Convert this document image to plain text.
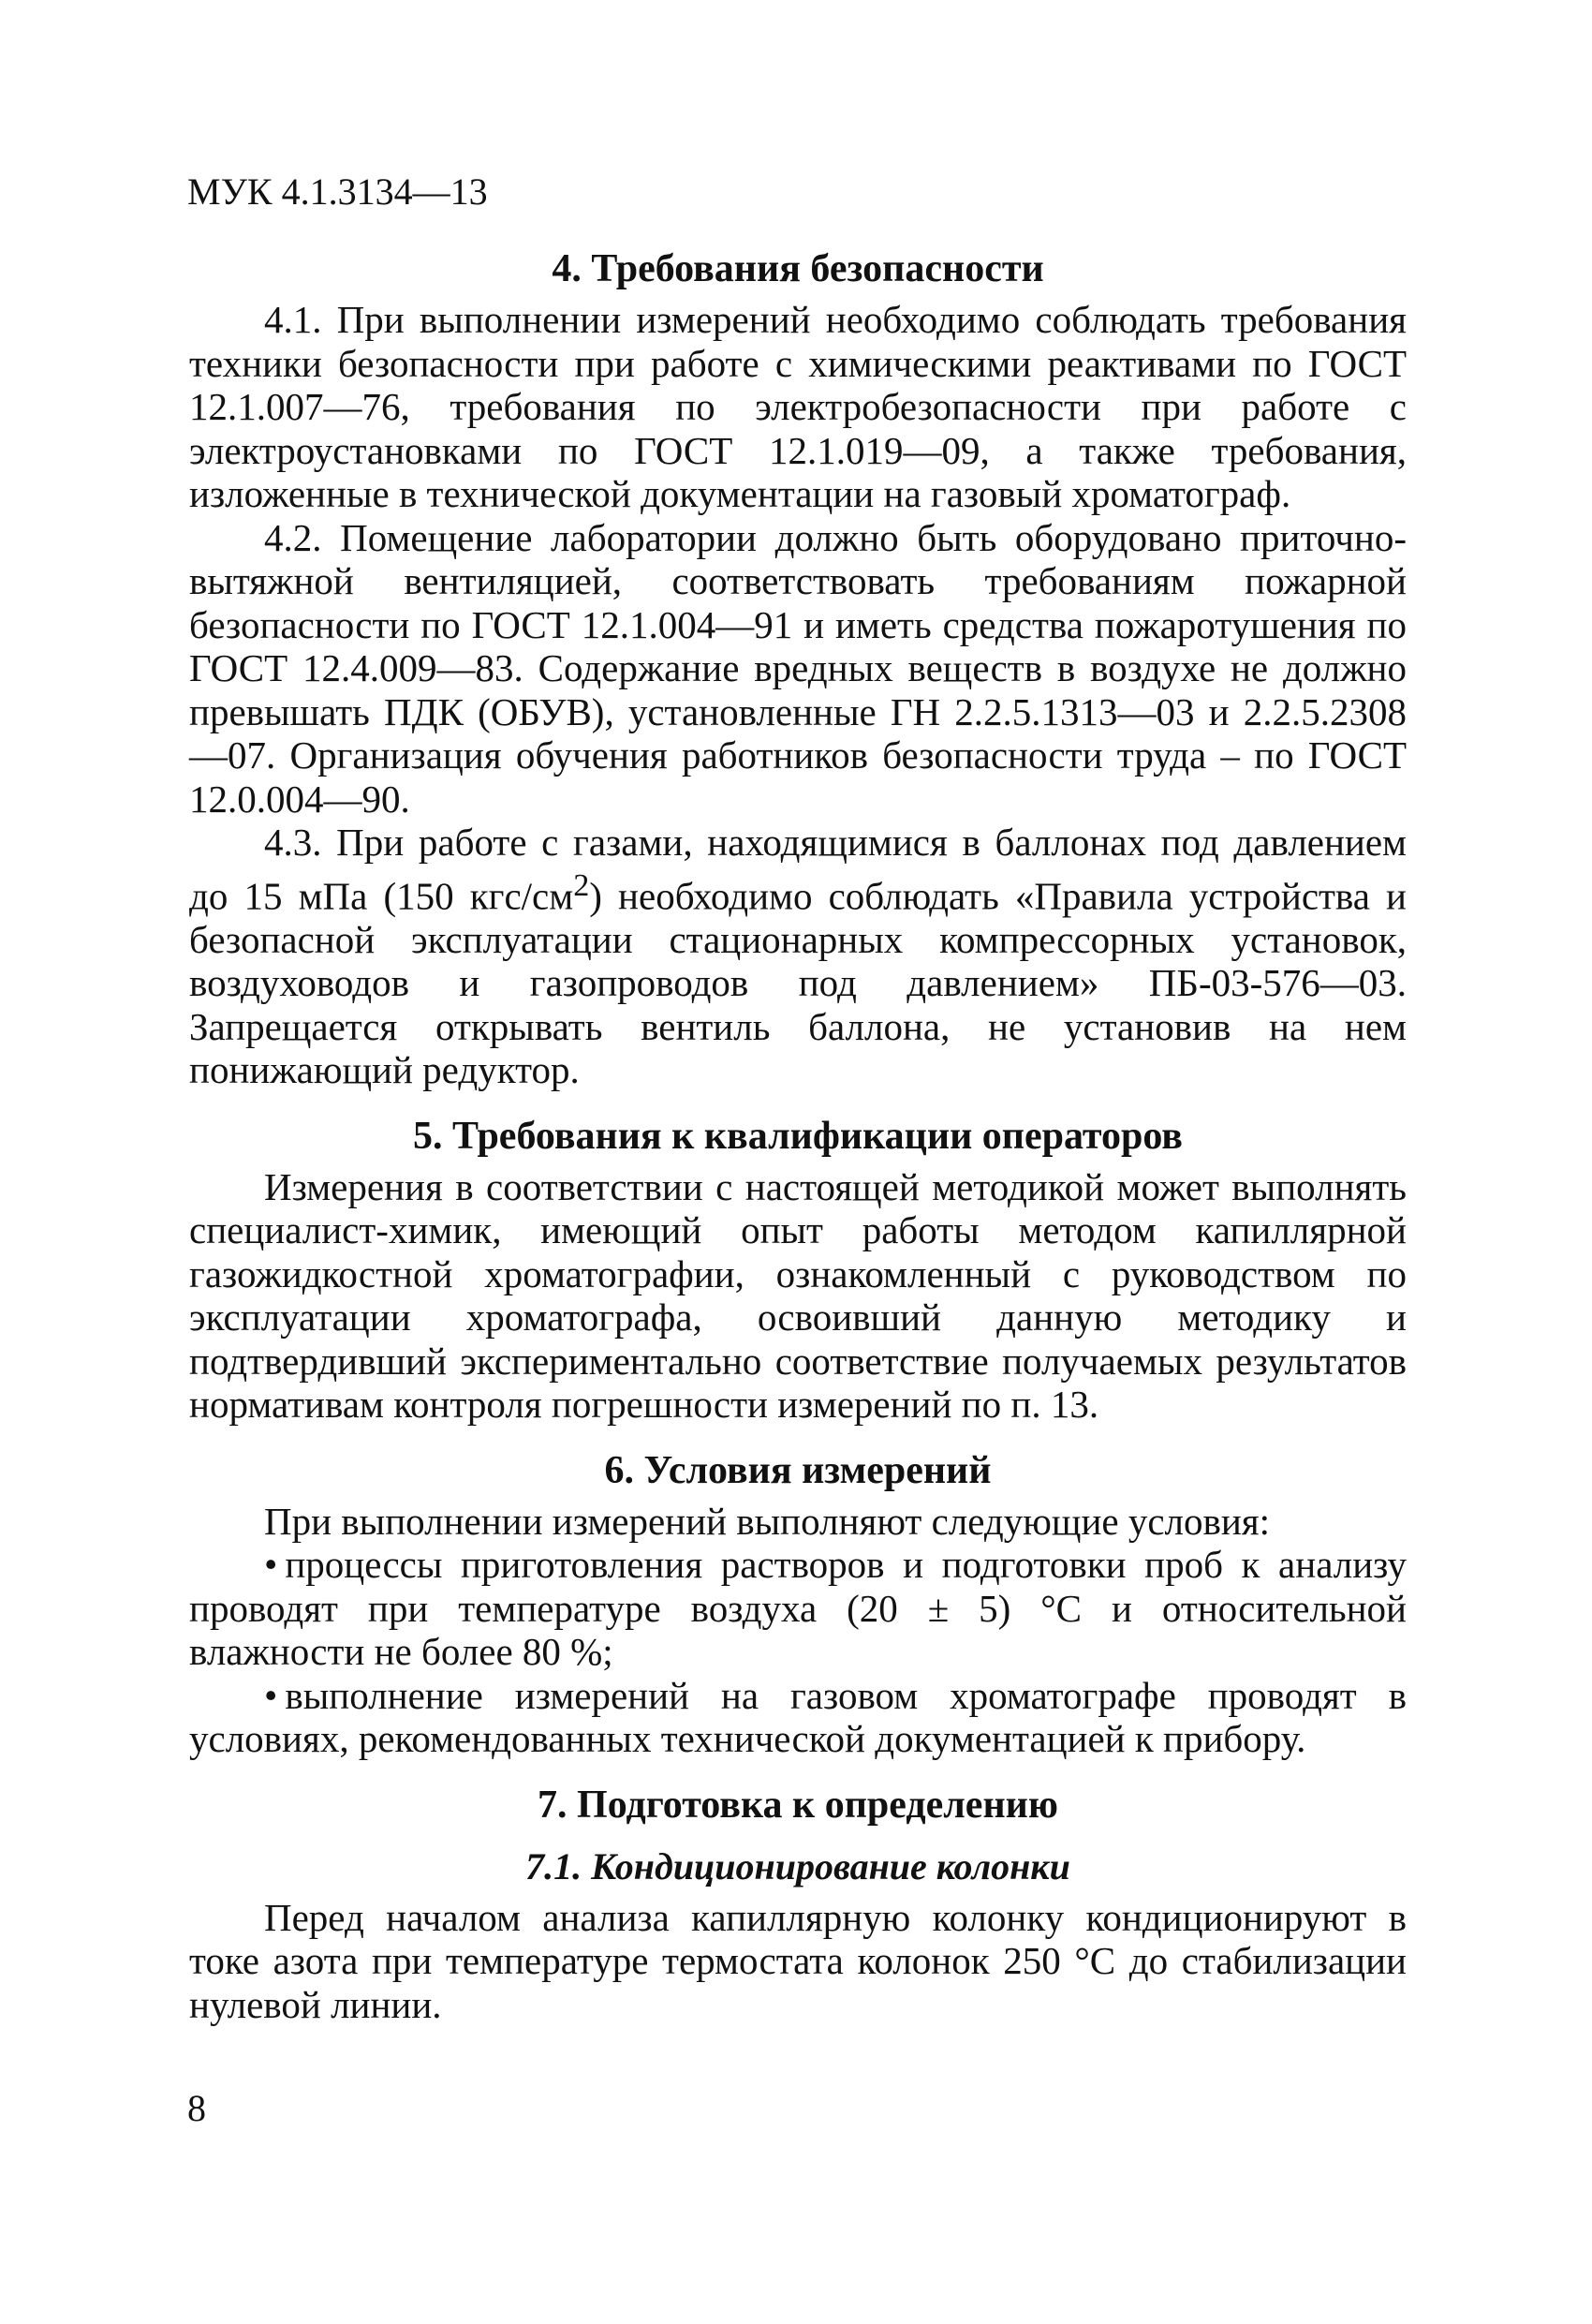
МУК 4.1.3134—13
4. Требования безопасности

4.1. При выполнении измерений необходимо соблюдать требования техники безопасности при работе с химическими реактивами по ГОСТ 12.1.007—76, требования по электробезопасности при работе с электроустановками по ГОСТ 12.1.019—09, а также требования, изложенные в технической документации на газовый хроматограф.

4.2. Помещение лаборатории должно быть оборудовано приточно-вытяжной вентиляцией, соответствовать требованиям пожарной безопасности по ГОСТ 12.1.004—91 и иметь средства пожаротушения по ГОСТ 12.4.009—83. Содержание вредных веществ в воздухе не должно превышать ПДК (ОБУВ), установленные ГН 2.2.5.1313—03 и 2.2.5.2308—07. Организация обучения работников безопасности труда – по ГОСТ 12.0.004—90.

4.3. При работе с газами, находящимися в баллонах под давлением до 15 мПа (150 кгс/$см^2$) необходимо соблюдать «Правила устройства и безопасной эксплуатации стационарных компрессорных установок, воздуховодов и газопроводов под давлением» ПБ-03-576—03. Запрещается открывать вентиль баллона, не установив на нем понижающий редуктор.

5. Требования к квалификации операторов

Измерения в соответствии с настоящей методикой может выполнять специалист-химик, имеющий опыт работы методом капиллярной газожидкостной хроматографии, ознакомленный с руководством по эксплуатации хроматографа, освоивший данную методику и подтвердивший экспериментально соответствие получаемых результатов нормативам контроля погрешности измерений по п. 13.

6. Условия измерений

При выполнении измерений выполняют следующие условия:

• процессы приготовления растворов и подготовки проб к анализу проводят при температуре воздуха (20 ± 5) °С и относительной влажности не более 80 %;

• выполнение измерений на газовом хроматографе проводят в условиях, рекомендованных технической документацией к прибору.

7. Подготовка к определению
7.1. Кондиционирование колонки

Перед началом анализа капиллярную колонку кондиционируют в токе азота при температуре термостата колонок 250 °С до стабилизации нулевой линии.

8
